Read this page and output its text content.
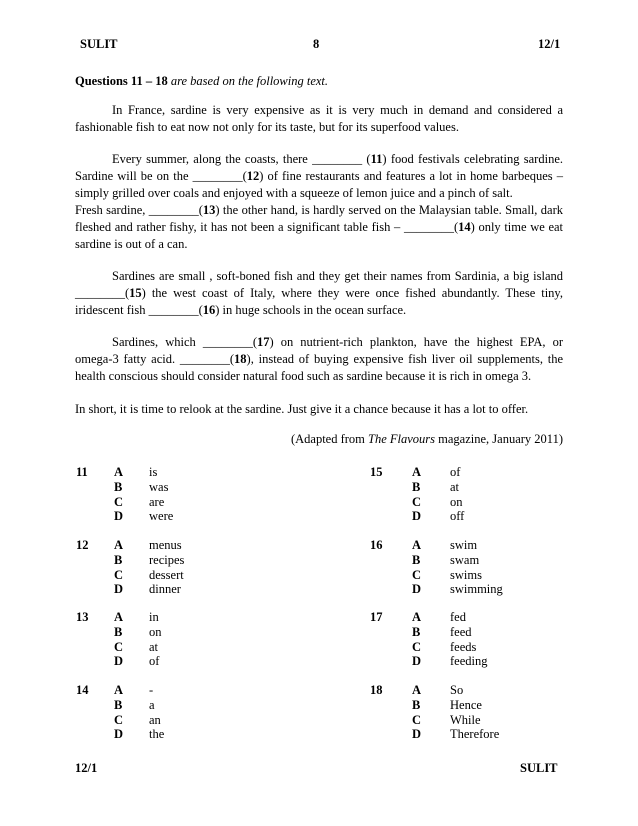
SULIT	8	12/1
Questions 11 – 18 are based on the following text.
In France, sardine is very expensive as it is very much in demand and considered a fashionable fish to eat now not only for its taste, but for its superfood values.
Every summer, along the coasts, there ________ (11) food festivals celebrating sardine. Sardine will be on the ________(12) of fine restaurants and features a lot in home barbeques – simply grilled over coals and enjoyed with a squeeze of lemon juice and a pinch of salt.
Fresh sardine, ________(13) the other hand, is hardly served on the Malaysian table. Small, dark fleshed and rather fishy, it has not been a significant table fish – ________(14) only time we eat sardine is out of a can.
Sardines are small , soft-boned fish and they get their names from Sardinia, a big island ________(15) the west coast of Italy, where they were once fished abundantly. These tiny, iridescent fish ________(16) in huge schools in the ocean surface.
Sardines, which ________(17) on nutrient-rich plankton, have the highest EPA, or omega-3 fatty acid. ________(18), instead of buying expensive fish liver oil supplements, the health conscious should consider natural food such as sardine because it is rich in omega 3.
In short, it is time to relook at the sardine. Just give it a chance because it has a lot to offer.
(Adapted from The Flavours magazine, January 2011)
11 A is
B was
C are
D were
12 A menus
B recipes
C dessert
D dinner
13 A in
B on
C at
D of
14 A -
B a
C an
D the
15 A of
B at
C on
D off
16 A swim
B swam
C swims
D swimming
17 A fed
B feed
C feeds
D feeding
18 A So
B Hence
C While
D Therefore
12/1	SULIT
